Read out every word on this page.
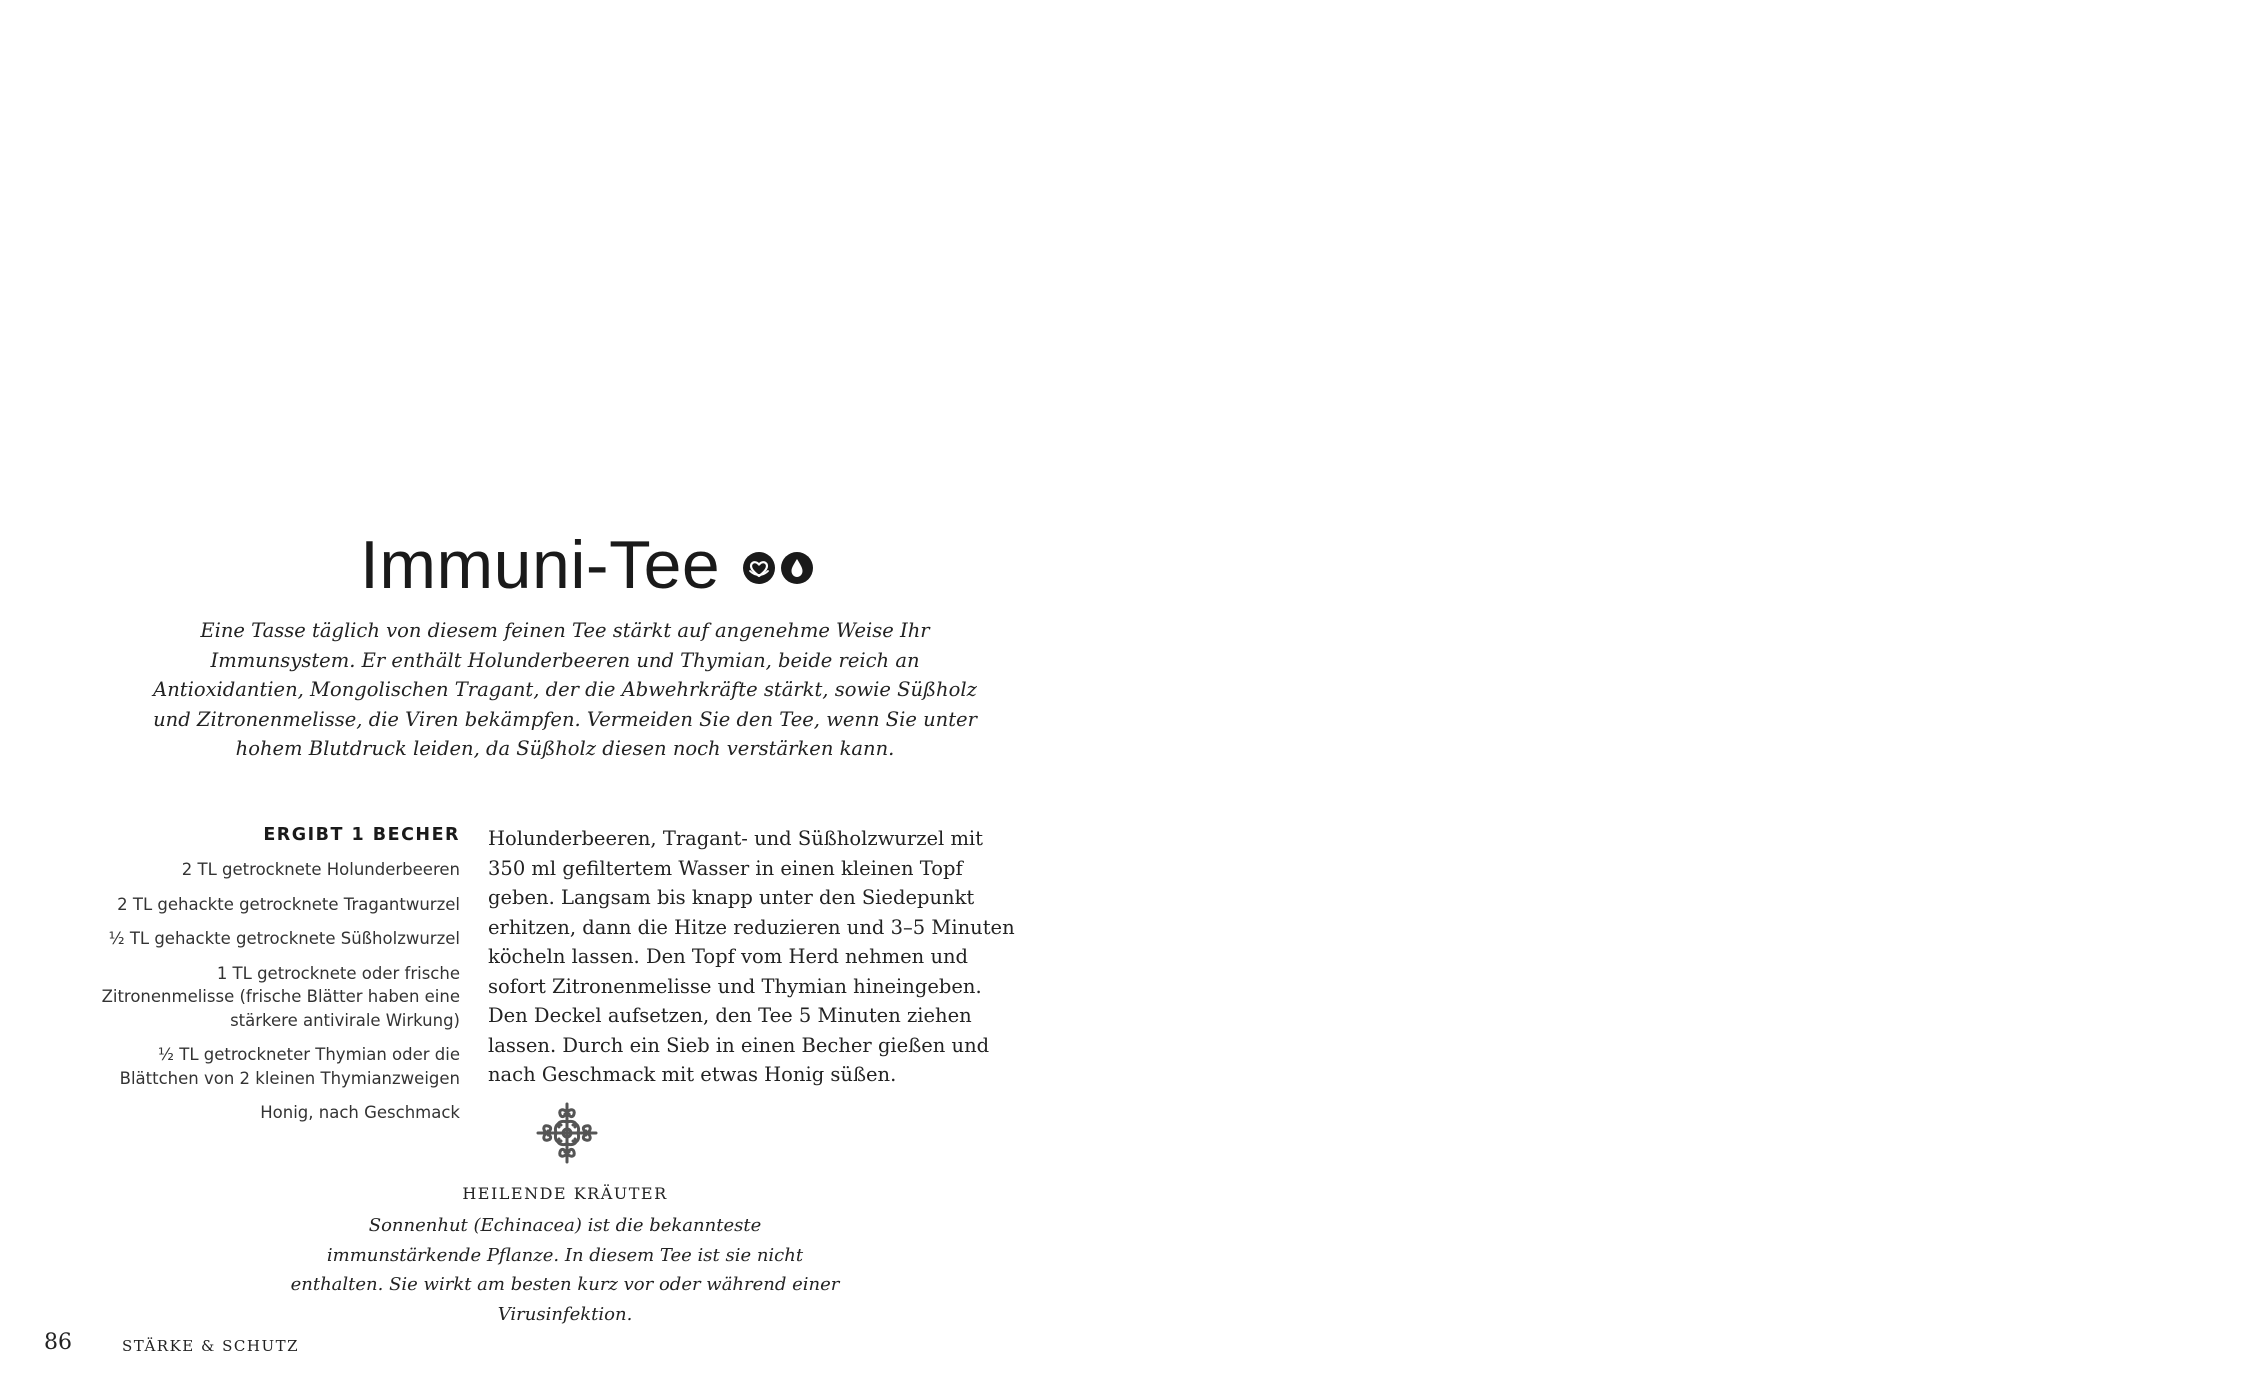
Immuni-Tee
Eine Tasse täglich von diesem feinen Tee stärkt auf angenehme Weise Ihr Immunsystem. Er enthält Holunderbeeren und Thymian, beide reich an Antioxidantien, Mongolischen Tragant, der die Abwehrkräfte stärkt, sowie Süßholz und Zitronenmelisse, die Viren bekämpfen. Vermeiden Sie den Tee, wenn Sie unter hohem Blutdruck leiden, da Süßholz diesen noch verstärken kann.
ERGIBT 1 BECHER
2 TL getrocknete Holunderbeeren
2 TL gehackte getrocknete Tragantwurzel
½ TL gehackte getrocknete Süßholzwurzel
1 TL getrocknete oder frische Zitronenmelisse (frische Blätter haben eine stärkere antivirale Wirkung)
½ TL getrockneter Thymian oder die Blättchen von 2 kleinen Thymianzweigen
Honig, nach Geschmack
Holunderbeeren, Tragant- und Süßholzwurzel mit 350 ml gefiltertem Wasser in einen kleinen Topf geben. Langsam bis knapp unter den Siedepunkt erhitzen, dann die Hitze reduzieren und 3–5 Minuten köcheln lassen. Den Topf vom Herd nehmen und sofort Zitronenmelisse und Thymian hineingeben. Den Deckel aufsetzen, den Tee 5 Minuten ziehen lassen. Durch ein Sieb in einen Becher gießen und nach Geschmack mit etwas Honig süßen.
HEILENDE KRÄUTER
Sonnenhut (Echinacea) ist die bekannteste immunstärkende Pflanze. In diesem Tee ist sie nicht enthalten. Sie wirkt am besten kurz vor oder während einer Virusinfektion.
86	STÄRKE & SCHUTZ
